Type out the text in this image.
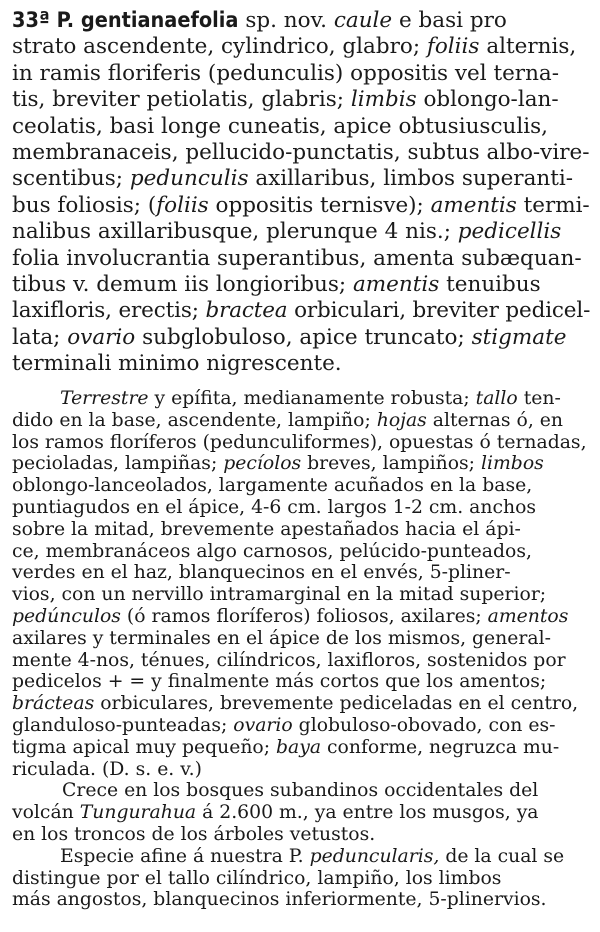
33ª P. gentianaefolia sp. nov. caule e basi pro
strato ascendente, cylindrico, glabro; foliis alternis,
in ramis floriferis (pedunculis) oppositis vel terna-
tis, breviter petiolatis, glabris; limbis oblongo-lan-
ceolatis, basi longe cuneatis, apice obtusiusculis,
membranaceis, pellucido-punctatis, subtus albo-vire-
scentibus; pedunculis axillaribus, limbos superanti-
bus foliosis; (foliis oppositis ternisve); amentis termi-
nalibus axillaribusque, plerunque 4 nis.; pedicellis
folia involucrantia superantibus, amenta subæquan-
tibus v. demum iis longioribus; amentis tenuibus
laxifloris, erectis; bractea orbiculari, breviter pedicel-
lata; ovario subglobuloso, apice truncato; stigmate
terminali minimo nigrescente.
Terrestre y epífita, medianamente robusta; tallo ten-
dido en la base, ascendente, lampiño; hojas alternas ó, en
los ramos floríferos (pedunculiformes), opuestas ó ternadas,
pecioladas, lampiñas; pecíolos breves, lampiños; limbos
oblongo-lanceolados, largamente acuñados en la base,
puntiagudos en el ápice, 4-6 cm. largos 1-2 cm. anchos
sobre la mitad, brevemente apestañados hacia el ápi-
ce, membranáceos algo carnosos, pelúcido-punteados,
verdes en el haz, blanquecinos en el envés, 5-pliner-
vios, con un nervillo intramarginal en la mitad superior;
pedúnculos (ó ramos floríferos) foliosos, axilares; amentos
axilares y terminales en el ápice de los mismos, general-
mente 4-nos, ténues, cilíndricos, laxifloros, sostenidos por
pedicelos + = y finalmente más cortos que los amentos;
brácteas orbiculares, brevemente pediceladas en el centro,
glanduloso-punteadas; ovario globuloso-obovado, con es-
tigma apical muy pequeño; baya conforme, negruzca mu-
riculada. (D. s. e. v.)
Crece en los bosques subandinos occidentales del
volcán Tungurahua á 2.600 m., ya entre los musgos, ya
en los troncos de los árboles vetustos.
Especie afine á nuestra P. peduncularis, de la cual se
distingue por el tallo cilíndrico, lampiño, los limbos
más angostos, blanquecinos inferiormente, 5-plinervios.
